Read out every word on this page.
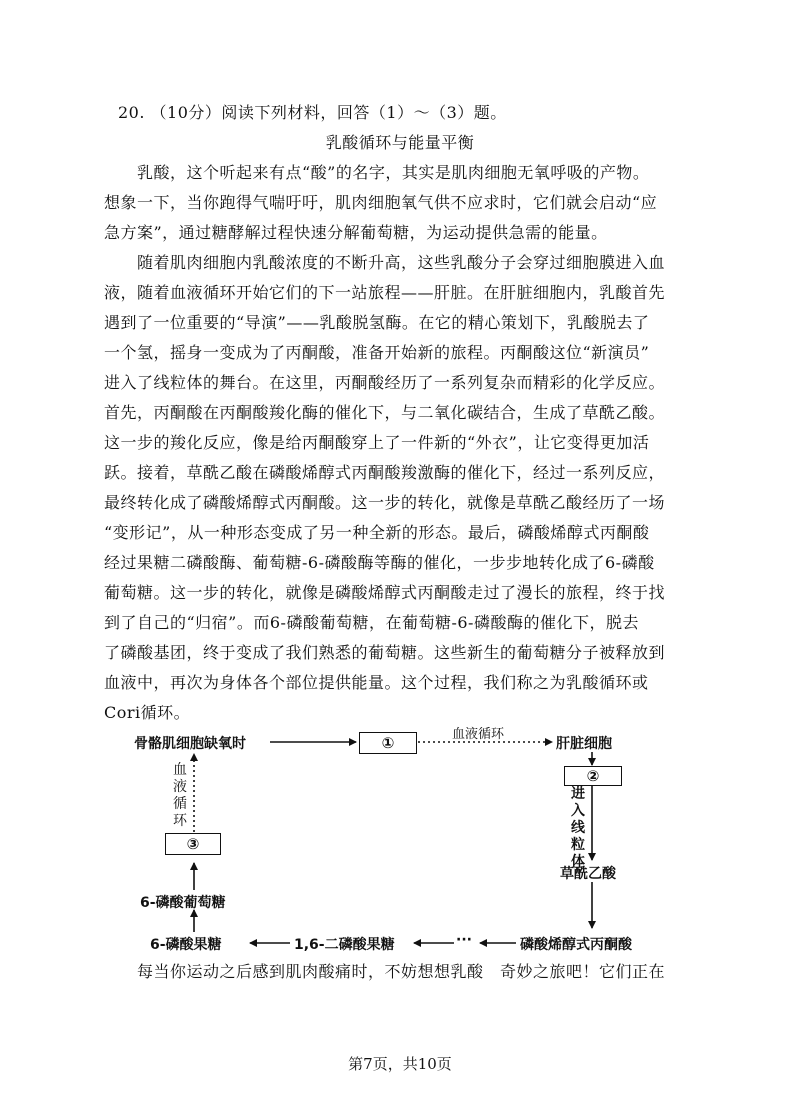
20. （10分）阅读下列材料，回答（1）～（3）题。
乳酸循环与能量平衡
　　乳酸，这个听起来有点“酸”的名字，其实是肌肉细胞无氧呼吸的产物。
想象一下，当你跑得气喘吁吁，肌肉细胞氧气供不应求时，它们就会启动“应
急方案”，通过糖酵解过程快速分解葡萄糖，为运动提供急需的能量。
　　随着肌肉细胞内乳酸浓度的不断升高，这些乳酸分子会穿过细胞膜进入血
液，随着血液循环开始它们的下一站旅程——肝脏。在肝脏细胞内，乳酸首先
遇到了一位重要的“导演”——乳酸脱氢酶。在它的精心策划下，乳酸脱去了
一个氢，摇身一变成为了丙酮酸，准备开始新的旅程。丙酮酸这位“新演员”
进入了线粒体的舞台。在这里，丙酮酸经历了一系列复杂而精彩的化学反应。
首先，丙酮酸在丙酮酸羧化酶的催化下，与二氧化碳结合，生成了草酰乙酸。
这一步的羧化反应，像是给丙酮酸穿上了一件新的“外衣”，让它变得更加活
跃。接着，草酰乙酸在磷酸烯醇式丙酮酸羧激酶的催化下，经过一系列反应，
最终转化成了磷酸烯醇式丙酮酸。这一步的转化，就像是草酰乙酸经历了一场
“变形记”，从一种形态变成了另一种全新的形态。最后，磷酸烯醇式丙酮酸
经过果糖二磷酸酶、葡萄糖-6-磷酸酶等酶的催化，一步步地转化成了6-磷酸
葡萄糖。这一步的转化，就像是磷酸烯醇式丙酮酸走过了漫长的旅程，终于找
到了自己的“归宿”。而6-磷酸葡萄糖，在葡萄糖-6-磷酸酶的催化下，脱去
了磷酸基团，终于变成了我们熟悉的葡萄糖。这些新生的葡萄糖分子被释放到
血液中，再次为身体各个部位提供能量。这个过程，我们称之为乳酸循环或
Cori循环。
骨骼肌细胞缺氧时	①	血液循环
肝脏细胞
②
进入线粒体
草酰乙酸
磷酸烯醇式丙酮酸
···
1,6-二磷酸果糖
6-磷酸果糖
6-磷酸葡萄糖
③
血液循环
　　每当你运动之后感到肌肉酸痛时，不妨想想乳酸　奇妙之旅吧！它们正在
第7页，共10页
